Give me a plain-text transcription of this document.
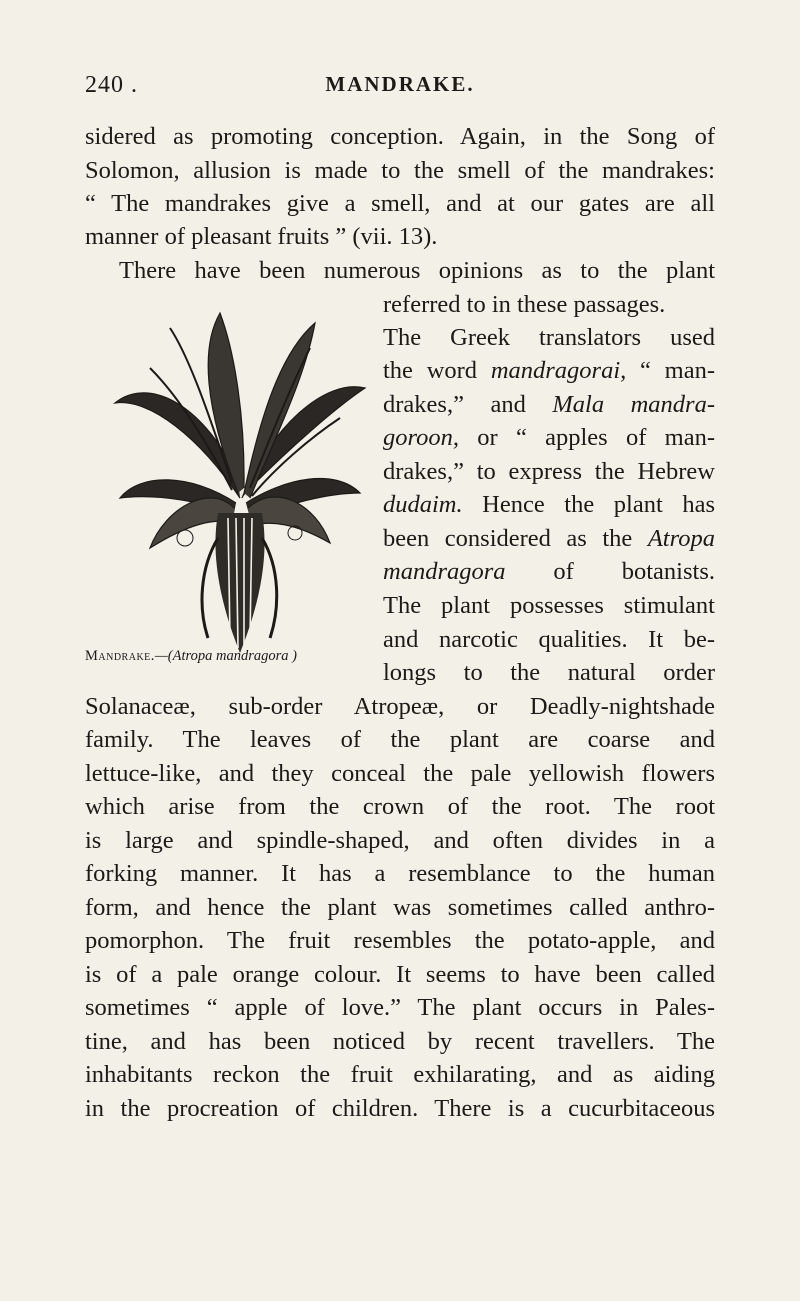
240 .	MANDRAKE.
sidered as promoting conception. Again, in the Song of
Solomon, allusion is made to the smell of the mandrakes:
“ The mandrakes give a smell, and at our gates are all
manner of pleasant fruits ” (vii. 13).
There have been numerous opinions as to the plant
referred to in these passages.
The Greek translators used
the word mandragorai, “ man-
drakes,” and Mala mandra-
goroon, or “ apples of man-
drakes,” to express the Hebrew
dudaim. Hence the plant has
been considered as the Atropa
mandragora of botanists.
The plant possesses stimulant
and narcotic qualities. It be-
longs to the natural order
Solanaceæ, sub-order Atropeæ, or Deadly-nightshade
family. The leaves of the plant are coarse and
lettuce-like, and they conceal the pale yellowish flowers
which arise from the crown of the root. The root
is large and spindle-shaped, and often divides in a
forking manner. It has a resemblance to the human
form, and hence the plant was sometimes called anthro-
pomorphon. The fruit resembles the potato-apple, and
is of a pale orange colour. It seems to have been called
sometimes “ apple of love.” The plant occurs in Pales-
tine, and has been noticed by recent travellers. The
inhabitants reckon the fruit exhilarating, and as aiding
in the procreation of children. There is a cucurbitaceous
Mandrake.—(Atropa mandragora )
